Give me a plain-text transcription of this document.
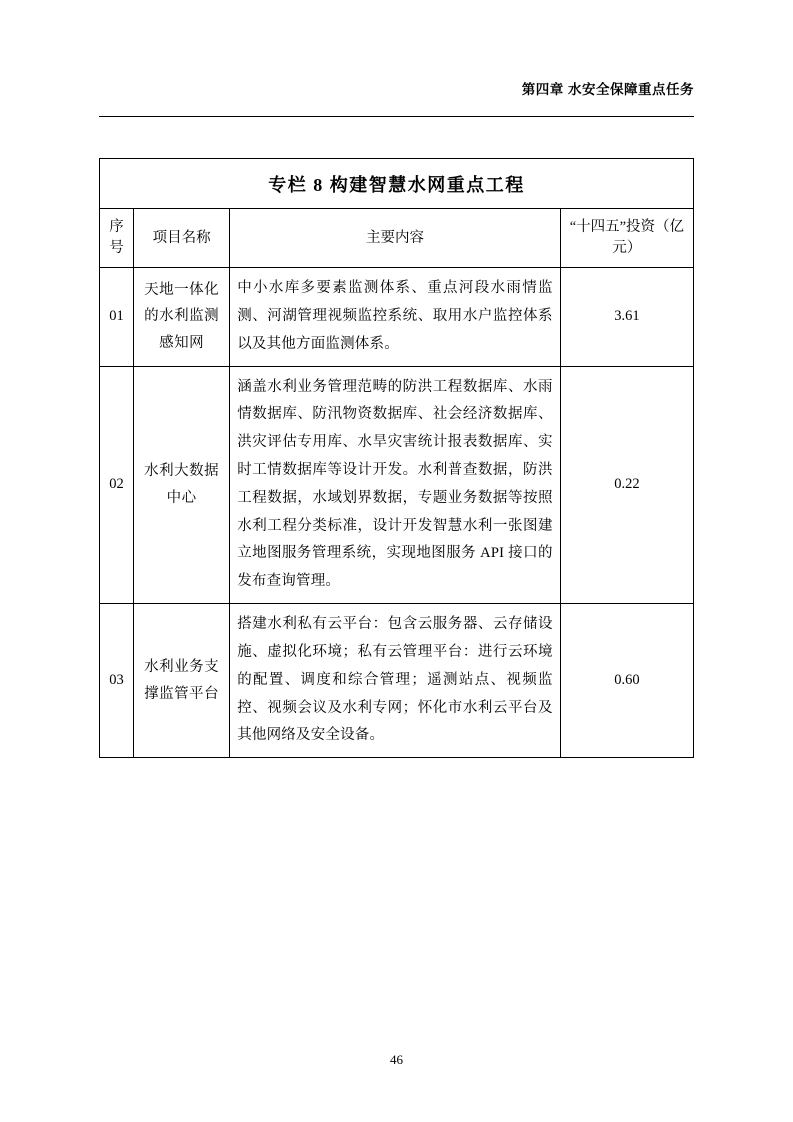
第四章 水安全保障重点任务
专栏 8 构建智慧水网重点工程			
序号	项目名称	主要内容	“十四五”投资（亿元）
01	天地一体化的水利监测感知网	中小水库多要素监测体系、重点河段水雨情监测、河湖管理视频监控系统、取用水户监控体系以及其他方面监测体系。	3.61
02	水利大数据中心	涵盖水利业务管理范畴的防洪工程数据库、水雨情数据库、防汛物资数据库、社会经济数据库、洪灾评估专用库、水旱灾害统计报表数据库、实时工情数据库等设计开发。水利普查数据，防洪工程数据，水域划界数据，专题业务数据等按照水利工程分类标准，设计开发智慧水利一张图建立地图服务管理系统，实现地图服务 API 接口的发布查询管理。	0.22
03	水利业务支撑监管平台	搭建水利私有云平台：包含云服务器、云存储设施、虚拟化环境；私有云管理平台：进行云环境的配置、调度和综合管理；遥测站点、视频监控、视频会议及水利专网；怀化市水利云平台及其他网络及安全设备。	0.60
46
